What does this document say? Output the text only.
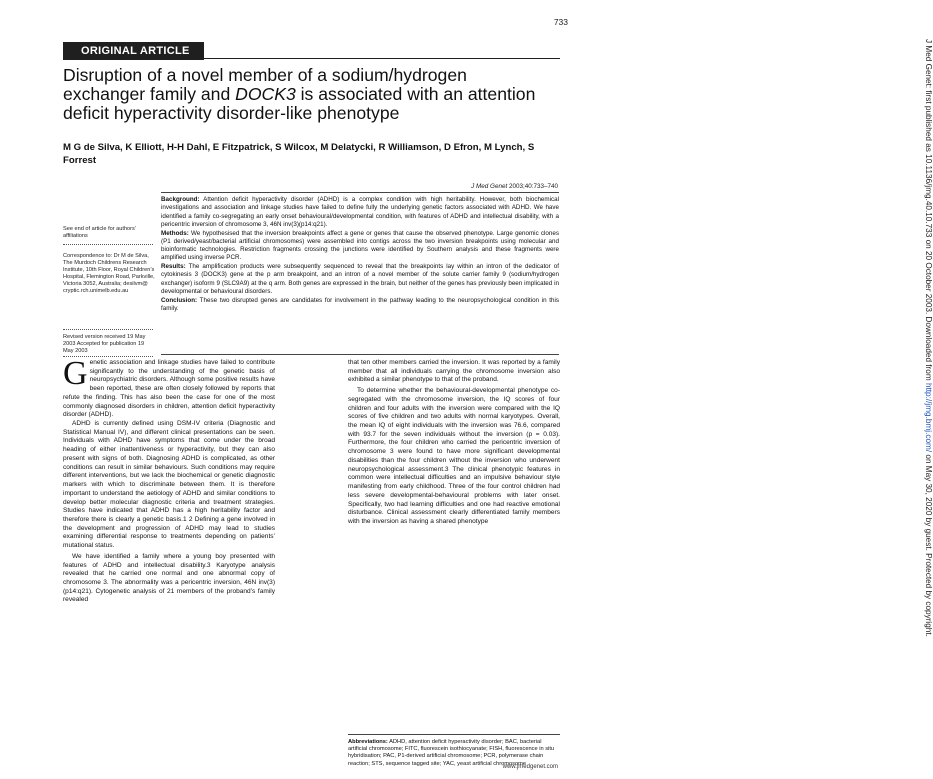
733
ORIGINAL ARTICLE
Disruption of a novel member of a sodium/hydrogen exchanger family and DOCK3 is associated with an attention deficit hyperactivity disorder-like phenotype
M G de Silva, K Elliott, H-H Dahl, E Fitzpatrick, S Wilcox, M Delatycki, R Williamson, D Efron, M Lynch, S Forrest
J Med Genet 2003;40:733–740
See end of article for authors’ affiliations
Correspondence to: Dr M de Silva, The Murdoch Childrens Research Institute, 10th Floor, Royal Children’s Hospital, Flemington Road, Parkville, Victoria 3052, Australia; desilvm@ cryptic.rch.unimelb.edu.au
Revised version received 19 May 2003 Accepted for publication 19 May 2003

Background: Attention deficit hyperactivity disorder (ADHD) is a complex condition with high heritability. However, both biochemical investigations and association and linkage studies have failed to define fully the underlying genetic factors associated with ADHD. We have identified a family co-segregating an early onset behavioural/developmental condition, with features of ADHD and intellectual disability, with a pericentric inversion of chromosome 3, 46N inv(3)(p14:q21).

Methods: We hypothesised that the inversion breakpoints affect a gene or genes that cause the observed phenotype. Large genomic clones (P1 derived/yeast/bacterial artificial chromosomes) were assembled into contigs across the two inversion breakpoints using molecular and bioinformatic technologies. Restriction fragments crossing the junctions were identified by Southern analysis and these fragments were amplified using inverse PCR.

Results: The amplification products were subsequently sequenced to reveal that the breakpoints lay within an intron of the dedicator of cytokinesis 3 (DOCK3) gene at the p arm breakpoint, and an intron of a novel member of the solute carrier family 9 (sodium/hydrogen exchanger) isoform 9 (SLC9A9) at the q arm. Both genes are expressed in the brain, but neither of the genes has previously been implicated in developmental or behavioural disorders.

Conclusion: These two disrupted genes are candidates for involvement in the pathway leading to the neuropsychological condition in this family.

Genetic association and linkage studies have failed to contribute significantly to the understanding of the genetic basis of neuropsychiatric disorders. Although some positive results have been reported, these are often closely followed by reports that refute the finding. This has also been the case for one of the most commonly diagnosed disorders in children, attention deficit hyperactivity disorder (ADHD).

ADHD is currently defined using DSM-IV criteria (Diagnostic and Statistical Manual IV), and different clinical presentations can be seen. Individuals with ADHD have symptoms that come under the broad heading of either inattentiveness or hyperactivity, but they can also present with signs of both. Diagnosing ADHD is complicated, as other conditions can result in similar behaviours. Such conditions may require different interventions, but we lack the biochemical or genetic diagnostic markers with which to discriminate between them. It is therefore important to understand the aetiology of ADHD and similar conditions to develop better molecular diagnostic criteria and treatment strategies. Studies have indicated that ADHD has a high heritability factor and therefore there is clearly a genetic basis.1 2 Defining a gene involved in the development and progression of ADHD may lead to studies examining differential response to treatments depending on patients’ mutational status.

We have identified a family where a young boy presented with features of ADHD and intellectual disability.3 Karyotype analysis revealed that he carried one normal and one abnormal copy of chromosome 3. The abnormality was a pericentric inversion, 46N inv(3)(p14:q21). Cytogenetic analysis of 21 members of the proband’s family revealed

that ten other members carried the inversion. It was reported by a family member that all individuals carrying the chromosome inversion also exhibited a similar phenotype to that of the proband.

To determine whether the behavioural-developmental phenotype co-segregated with the chromosome inversion, the IQ scores of four children and four adults with the inversion were compared with the IQ scores of five children and two adults with normal karyotypes. Overall, the mean IQ of eight individuals with the inversion was 76.6, compared with 93.7 for the seven individuals without the inversion (p = 0.03). Furthermore, the four children who carried the pericentric inversion of chromosome 3 were found to have more significant developmental disabilities than the four children without the inversion who underwent neuropsychological assessment.3 The clinical phenotypic features in common were intellectual difficulties and an impulsive behaviour style manifesting from early childhood. Three of the four control children had less severe developmental-behavioural problems with later onset. Specifically, two had learning difficulties and one had reactive emotional disturbance. Clinical assessment clearly differentiated family members with the inversion as having a shared phenotype

Abbreviations: ADHD, attention deficit hyperactivity disorder; BAC, bacterial artificial chromosome; FITC, fluorescein isothiocyanate; FISH, fluorescence in situ hybridisation; PAC, P1-derived artificial chromosome; PCR, polymerase chain reaction; STS, sequence tagged site; YAC, yeast artificial chromosome
www.jmedgenet.com
J Med Genet: first published as 10.1136/jmg.40.10.733 on 20 October 2003. Downloaded from http://jmg.bmj.com/ on May 30, 2020 by guest. Protected by copyright.
